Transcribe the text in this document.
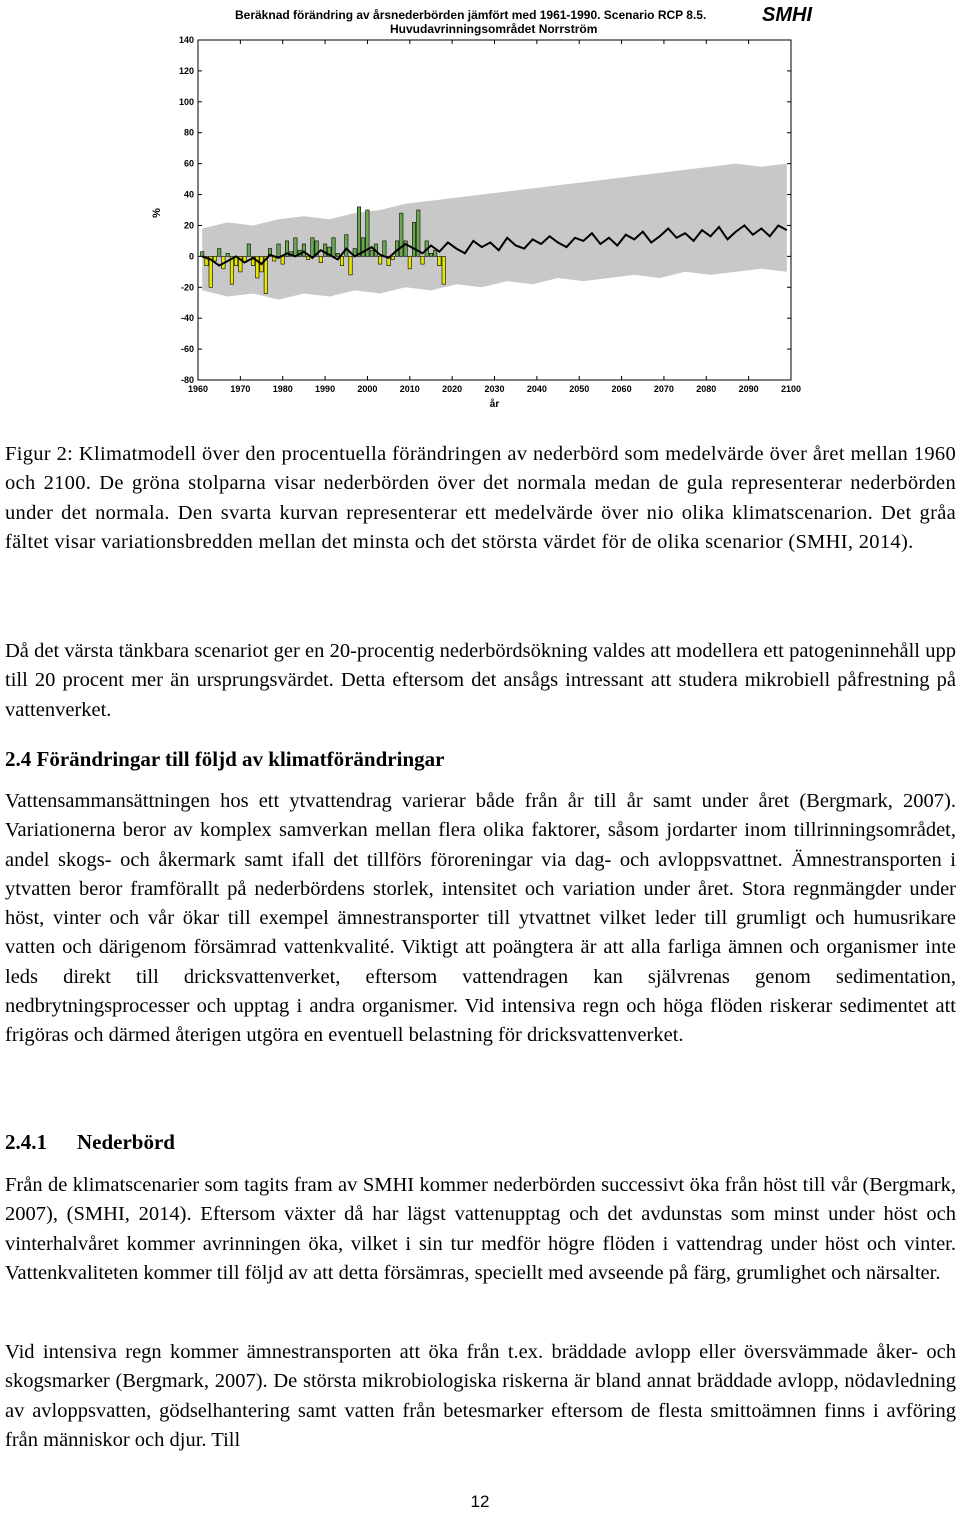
Beräknad förändring av årsnederbörden jämfört med 1961-1990. Scenario RCP 8.5.
Huvudavrinningsområdet Norrström
SMHI
140
120
100
80
60
40
20
0
-20
-40
-60
-80
1960 1970 1980 1990 2000 2010 2020 2030 2040 2050 2060 2070 2080 2090 2100
år
%

Figur 2: Klimatmodell över den procentuella förändringen av nederbörd som medelvärde över året mellan 1960 och 2100. De gröna stolparna visar nederbörden över det normala medan de gula representerar nederbörden under det normala. Den svarta kurvan representerar ett medelvärde över nio olika klimatscenarion. Det gråa fältet visar variationsbredden mellan det minsta och det största värdet för de olika scenarior (SMHI, 2014).

Då det värsta tänkbara scenariot ger en 20-procentig nederbördsökning valdes att modellera ett patogeninnehåll upp till 20 procent mer än ursprungsvärdet. Detta eftersom det ansågs intressant att studera mikrobiell påfrestning på vattenverket.

2.4 Förändringar till följd av klimatförändringar

Vattensammansättningen hos ett ytvattendrag varierar både från år till år samt under året (Bergmark, 2007). Variationerna beror av komplex samverkan mellan flera olika faktorer, såsom jordarter inom tillrinningsområdet, andel skogs- och åkermark samt ifall det tillförs föroreningar via dag- och avloppsvattnet. Ämnestransporten i ytvatten beror framförallt på nederbördens storlek, intensitet och variation under året. Stora regnmängder under höst, vinter och vår ökar till exempel ämnestransporter till ytvattnet vilket leder till grumligt och humusrikare vatten och därigenom försämrad vattenkvalité. Viktigt att poängtera är att alla farliga ämnen och organismer inte leds direkt till dricksvattenverket, eftersom vattendragen kan självrenas genom sedimentation, nedbrytningsprocesser och upptag i andra organismer. Vid intensiva regn och höga flöden riskerar sedimentet att frigöras och därmed återigen utgöra en eventuell belastning för dricksvattenverket.

2.4.1 Nederbörd

Från de klimatscenarier som tagits fram av SMHI kommer nederbörden successivt öka från höst till vår (Bergmark, 2007), (SMHI, 2014). Eftersom växter då har lägst vattenupptag och det avdunstas som minst under höst och vinterhalvåret kommer avrinningen öka, vilket i sin tur medför högre flöden i vattendrag under höst och vinter. Vattenkvaliteten kommer till följd av att detta försämras, speciellt med avseende på färg, grumlighet och närsalter.

Vid intensiva regn kommer ämnestransporten att öka från t.ex. bräddade avlopp eller översvämmade åker- och skogsmarker (Bergmark, 2007). De största mikrobiologiska riskerna är bland annat bräddade avlopp, nödavledning av avloppsvatten, gödselhantering samt vatten från betesmarker eftersom de flesta smittoämnen finns i avföring från människor och djur. Till

12
